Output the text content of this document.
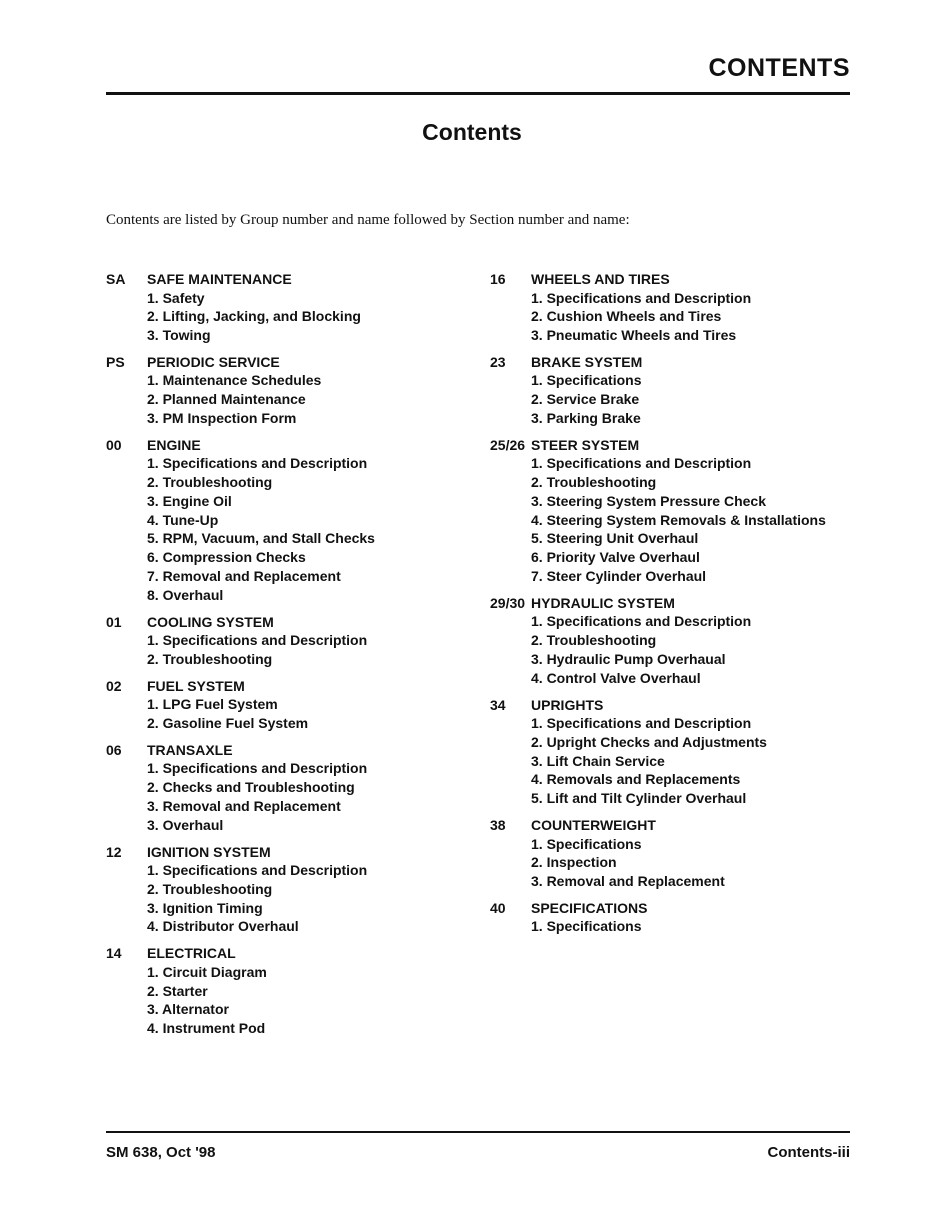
CONTENTS
Contents
Contents are listed by Group number and name followed by Section number and name:
SA	SAFE MAINTENANCE
1. Safety
2. Lifting, Jacking, and Blocking
3. Towing
PS	PERIODIC SERVICE
1. Maintenance Schedules
2. Planned Maintenance
3. PM Inspection Form
00	ENGINE
1. Specifications and Description
2. Troubleshooting
3. Engine Oil
4. Tune-Up
5. RPM, Vacuum, and Stall Checks
6. Compression Checks
7. Removal and Replacement
8. Overhaul
01	COOLING SYSTEM
1. Specifications and Description
2. Troubleshooting
02	FUEL SYSTEM
1. LPG Fuel System
2. Gasoline Fuel System
06	TRANSAXLE
1. Specifications and Description
2. Checks and Troubleshooting
3. Removal and Replacement
3. Overhaul
12	IGNITION SYSTEM
1. Specifications and Description
2. Troubleshooting
3. Ignition Timing
4. Distributor Overhaul
14	ELECTRICAL
1. Circuit Diagram
2. Starter
3. Alternator
4. Instrument Pod
16	WHEELS AND TIRES
1. Specifications and Description
2. Cushion Wheels and Tires
3. Pneumatic Wheels and Tires
23	BRAKE SYSTEM
1. Specifications
2. Service Brake
3. Parking Brake
25/26 STEER SYSTEM
1. Specifications and Description
2. Troubleshooting
3. Steering System Pressure Check
4. Steering System Removals & Installations
5. Steering Unit Overhaul
6. Priority Valve Overhaul
7. Steer Cylinder Overhaul
29/30 HYDRAULIC SYSTEM
1. Specifications and Description
2. Troubleshooting
3. Hydraulic Pump Overhaual
4. Control Valve Overhaul
34	UPRIGHTS
1. Specifications and Description
2. Upright Checks and Adjustments
3. Lift Chain Service
4. Removals and Replacements
5. Lift and Tilt Cylinder Overhaul
38	COUNTERWEIGHT
1. Specifications
2. Inspection
3. Removal and Replacement
40	SPECIFICATIONS
1. Specifications
SM 638, Oct '98	Contents-iii
